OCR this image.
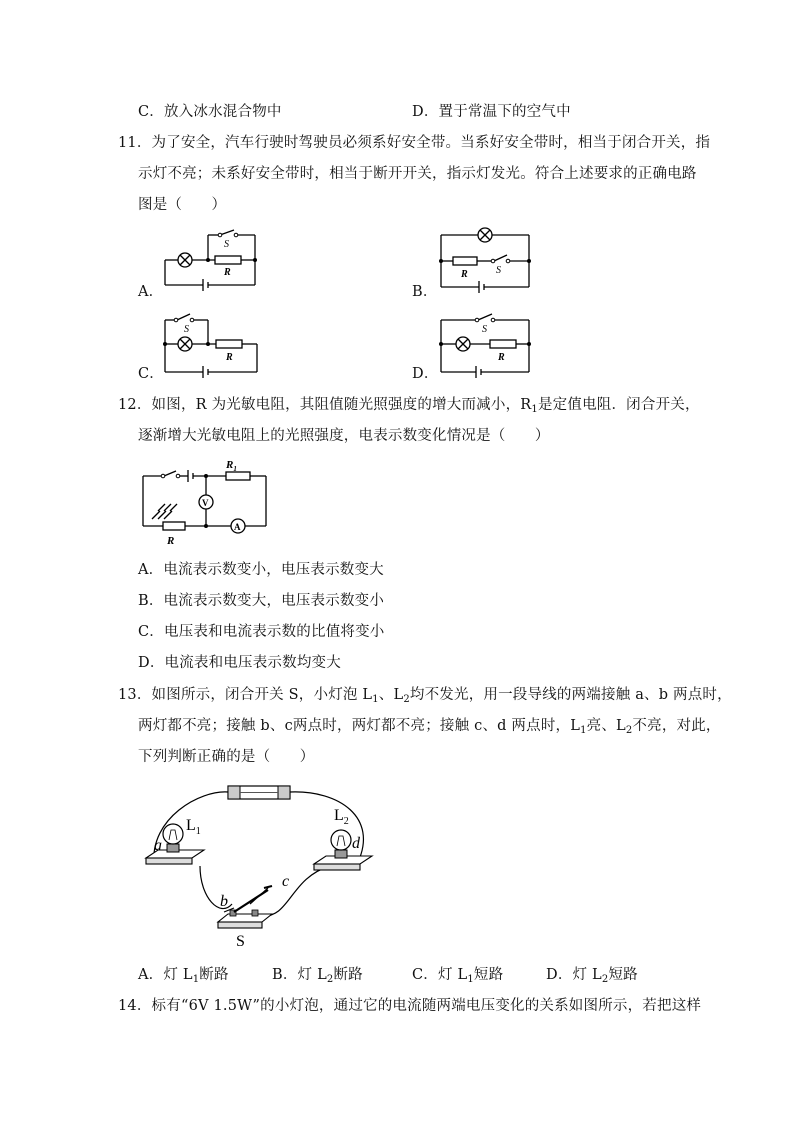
C．放入冰水混合物中	D．置于常温下的空气中
11．为了安全，汽车行驶时驾驶员必须系好安全带。当系好安全带时，相当于闭合开关，指
示灯不亮；未系好安全带时，相当于断开开关，指示灯发光。符合上述要求的正确电路
图是（　　）
A．	B．
C．	D．
S
R	R	S
S
R
S
R
12．如图，R 为光敏电阻，其阻值随光照强度的增大而减小，$R_1$是定值电阻．闭合开关，
逐渐增大光敏电阻上的光照强度，电表示数变化情况是（　　）
$R_1$
R
V
A
A．电流表示数变小，电压表示数变大
B．电流表示数变大，电压表示数变小
C．电压表和电流表示数的比值将变小
D．电流表和电压表示数均变大
13．如图所示，闭合开关 S，小灯泡 $L_1$、$L_2$均不发光，用一段导线的两端接触 a、b 两点时，
两灯都不亮；接触 b、c两点时，两灯都不亮；接触 c、d 两点时，$L_1$亮、$L_2$不亮，对此，
下列判断正确的是（　　）
a
$L_1$
$L_2$
d
b
c
S
A．灯 $L_1$断路	B．灯 $L_2$断路	C．灯 $L_1$短路	D．灯 $L_2$短路
14．标有“6V 1.5W”的小灯泡，通过它的电流随两端电压变化的关系如图所示，若把这样
